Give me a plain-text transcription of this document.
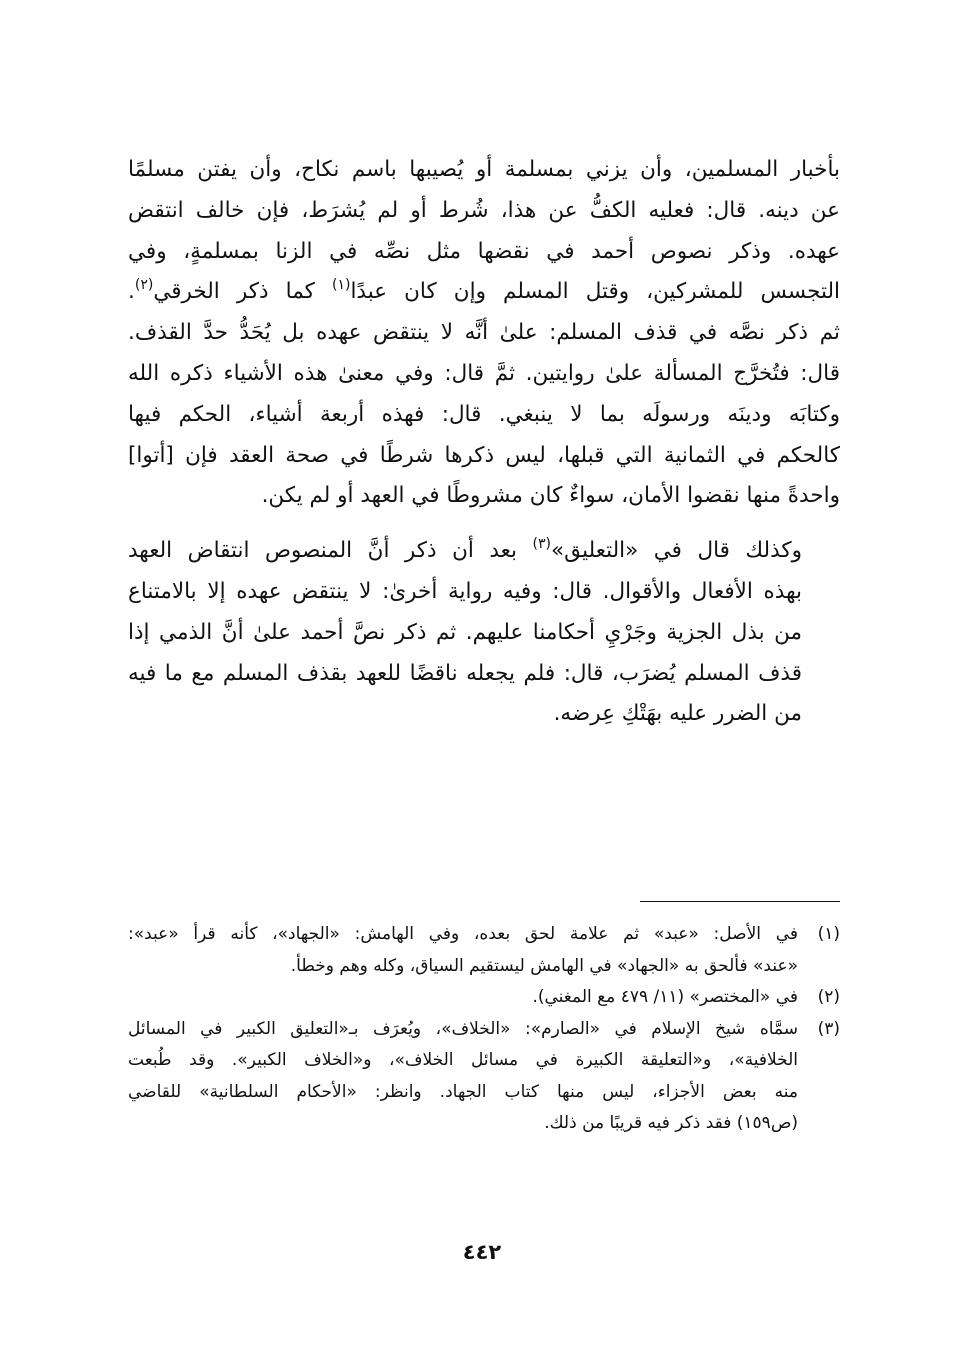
بأخبار المسلمين، وأن يزني بمسلمة أو يُصيبها باسم نكاح، وأن يفتن مسلمًا
عن دينه. قال: فعليه الكفُّ عن هذا، شُرط أو لم يُشرَط، فإن خالف انتقض
عهده. وذكر نصوص أحمد في نقضها مثل نصِّه في الزنا بمسلمةٍ، وفي
التجسس للمشركين، وقتل المسلم وإن كان عبدًا$^{(١)}$ كما ذكر الخرقي$^{(٢)}$.
ثم ذكر نصَّه في قذف المسلم: علىٰ أنَّه لا ينتقض عهده بل يُحَدُّ حدَّ القذف.
قال: فتُخرَّج المسألة علىٰ روايتين. ثمَّ قال: وفي معنىٰ هذه الأشياء ذكره الله
وكتابَه ودينَه ورسولَه بما لا ينبغي. قال: فهذه أربعة أشياء، الحكم فيها
كالحكم في الثمانية التي قبلها، ليس ذكرها شرطًا في صحة العقد فإن [أتوا]
واحدةً منها نقضوا الأمان، سواءٌ كان مشروطًا في العهد أو لم يكن.

وكذلك قال في «التعليق»$^{(٣)}$ بعد أن ذكر أنَّ المنصوص انتقاض العهد
بهذه الأفعال والأقوال. قال: وفيه رواية أخرىٰ: لا ينتقض عهده إلا بالامتناع
من بذل الجزية وجَرْيِ أحكامنا عليهم. ثم ذكر نصَّ أحمد علىٰ أنَّ الذمي إذا
قذف المسلم يُضرَب، قال: فلم يجعله ناقضًا للعهد بقذف المسلم مع ما فيه
من الضرر عليه بهَتْكِ عِرضه.

(١)
في الأصل: «عبد» ثم علامة لحق بعده، وفي الهامش: «الجهاد»، كأنه قرأ «عبد»:
«عند» فألحق به «الجهاد» في الهامش ليستقيم السياق، وكله وهم وخطأ.
(٢)
في «المختصر» (١١/ ٤٧٩ مع المغني).
(٣)
سمَّاه شيخ الإسلام في «الصارم»: «الخلاف»، ويُعرَف بـ«التعليق الكبير في المسائل
الخلافية»، و«التعليقة الكبيرة في مسائل الخلاف»، و«الخلاف الكبير». وقد طُبعت
منه بعض الأجزاء، ليس منها كتاب الجهاد. وانظر: «الأحكام السلطانية» للقاضي
(ص١٥٩) فقد ذكر فيه قريبًا من ذلك.
٤٤٢
